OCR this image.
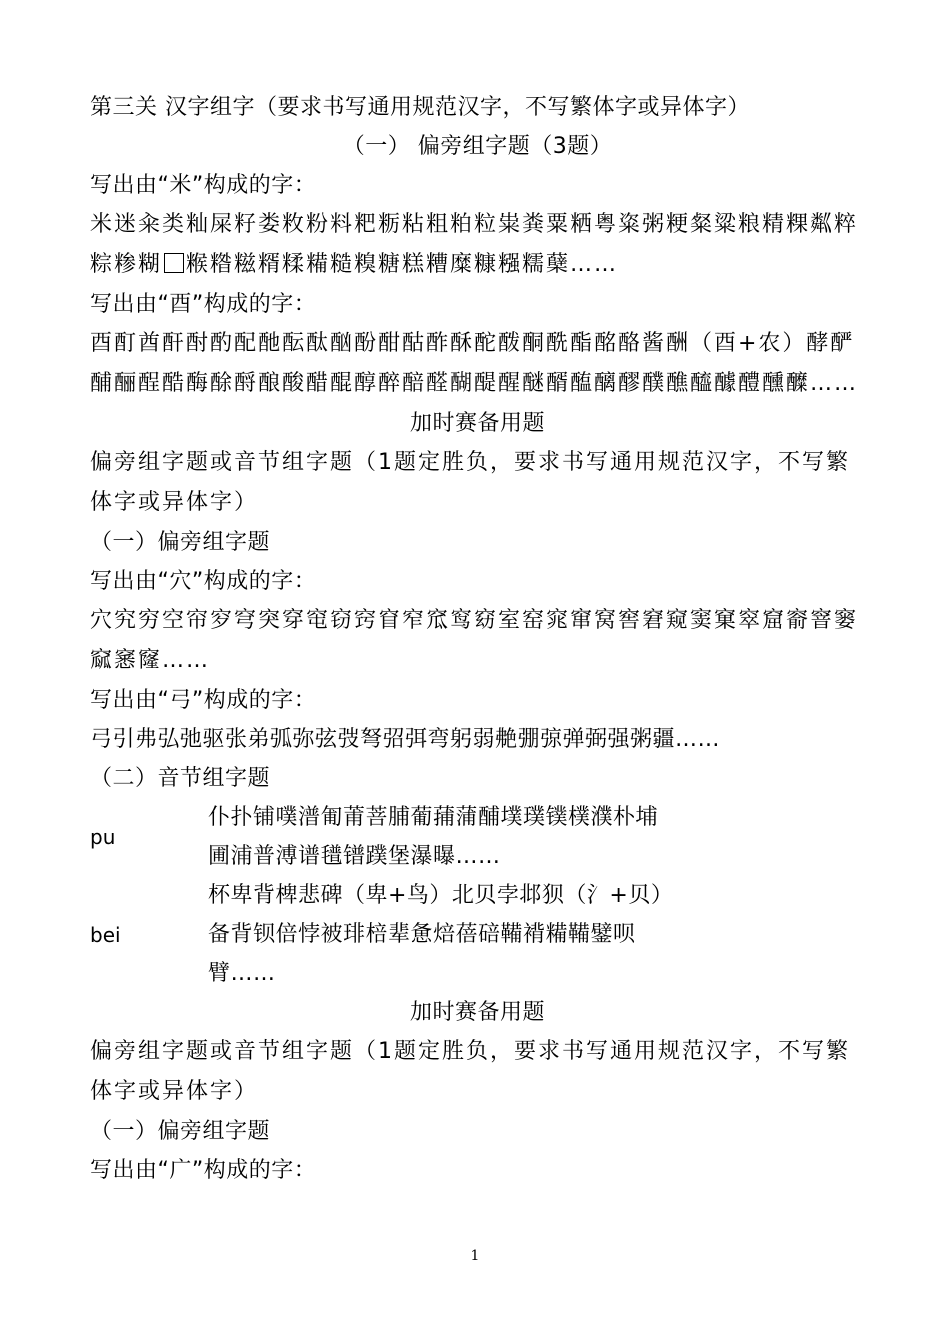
第三关 汉字组字（要求书写通用规范汉字，不写繁体字或异体字）
（一） 偏旁组字题（3题）
写出由“米”构成的字：
米迷籴类籼屎籽娄敉粉料粑粝粘粗粕粒粜粪粟粞粤粢粥粳粲粱粮精粿粼粹粽糁糊 糇糌糍糈糅糒糙糗糖糕糟糜糠糨糯蘖……
写出由“酉”构成的字：
酉酊酋酐酎酌配酏酝酞酗酚酣酤酢酥酡酦酮酰酯酩酪酱酬（酉+农）酵酽酺酾酲酷酶酴酹酿酸醋醌醇醉醅醛醐醍醒醚醑醢醨醪醭醮醯醵醴醺醾……
加时赛备用题
偏旁组字题或音节组字题（1题定胜负，要求书写通用规范汉字，不写繁体字或异体字）
（一）偏旁组字题
写出由“穴”构成的字：
穴究穷空帘穸穹突穿窀窃窍窅窄窊窎窈室窑窕窜窝窖窘窥窦窠窣窟窬窨窭窳窸窿……
写出由“弓”构成的字：
弓引弗弘弛驱张弟弧弥弦弢弩弨弭弯躬弱艴弸弶弹弼强粥疆……
（二）音节组字题
pu
仆扑铺噗潽匍莆菩脯葡蒱蒲酺墣璞镤樸濮朴埔圃浦普溥谱氆镨蹼堡瀑曝……
bei
杯卑背椑悲碑（卑+鸟）北贝孛邶狈（氵+贝）备背钡倍悖被琲棓辈惫焙蓓碚鞴褙糒鞴鐾呗臂……
加时赛备用题
偏旁组字题或音节组字题（1题定胜负，要求书写通用规范汉字，不写繁体字或异体字）
（一）偏旁组字题
写出由“广”构成的字：
1
